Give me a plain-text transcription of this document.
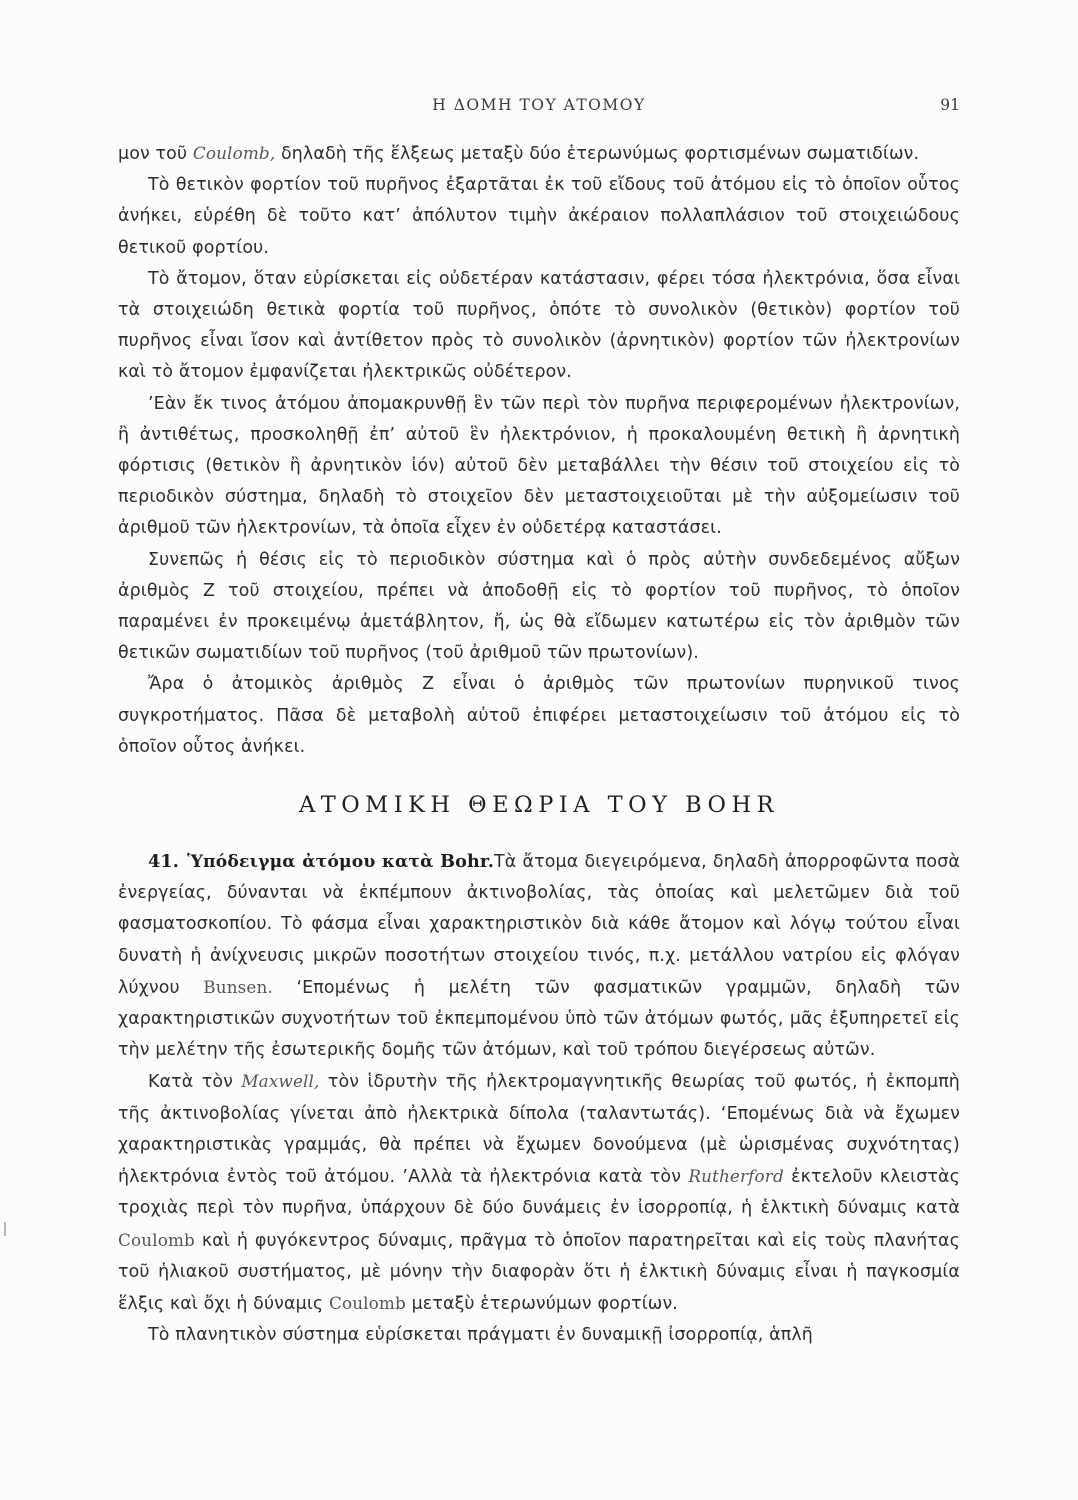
Η ΔΟΜΗ ΤΟΥ ΑΤΟΜΟΥ	91

μον τοῦ Coulomb, δηλαδὴ τῆς ἕλξεως μεταξὺ δύο ἑτερωνύμως φορτισμένων σωματιδίων.

Τὸ θετικὸν φορτίον τοῦ πυρῆνος ἐξαρτᾶται ἐκ τοῦ εἴδους τοῦ ἀτόμου εἰς τὸ ὁποῖον οὗτος ἀνήκει, εὑρέθη δὲ τοῦτο κατ’ ἀπόλυτον τιμὴν ἀκέραιον πολλαπλάσιον τοῦ στοιχειώδους θετικοῦ φορτίου.

Τὸ ἄτομον, ὅταν εὑρίσκεται εἰς οὐδετέραν κατάστασιν, φέρει τόσα ἠλεκτρόνια, ὅσα εἶναι τὰ στοιχειώδη θετικὰ φορτία τοῦ πυρῆνος, ὁπότε τὸ συνολικὸν (θετικὸν) φορτίον τοῦ πυρῆνος εἶναι ἴσον καὶ ἀντίθετον πρὸς τὸ συνολικὸν (ἀρνητικὸν) φορτίον τῶν ἠλεκτρονίων καὶ τὸ ἄτομον ἐμφανίζεται ἠλεκτρικῶς οὐδέτερον.

’Εὰν ἔκ τινος ἀτόμου ἀπομακρυνθῇ ἓν τῶν περὶ τὸν πυρῆνα περιφερομένων ἠλεκτρονίων, ἢ ἀντιθέτως, προσκοληθῇ ἐπ’ αὐτοῦ ἓν ἠλεκτρόνιον, ἡ προκαλουμένη θετικὴ ἢ ἀρνητικὴ φόρτισις (θετικὸν ἢ ἀρνητικὸν ἰόν) αὐτοῦ δὲν μεταβάλλει τὴν θέσιν τοῦ στοιχείου εἰς τὸ περιοδικὸν σύστημα, δηλαδὴ τὸ στοιχεῖον δὲν μεταστοιχειοῦται μὲ τὴν αὐξομείωσιν τοῦ ἀριθμοῦ τῶν ἠλεκτρονίων, τὰ ὁποῖα εἶχεν ἐν οὐδετέρᾳ καταστάσει.

Συνεπῶς ἡ θέσις εἰς τὸ περιοδικὸν σύστημα καὶ ὁ πρὸς αὐτὴν συνδεδεμένος αὔξων ἀριθμὸς Ζ τοῦ στοιχείου, πρέπει νὰ ἀποδοθῇ εἰς τὸ φορτίον τοῦ πυρῆνος, τὸ ὁποῖον παραμένει ἐν προκειμένῳ ἀμετάβλητον, ἤ, ὡς θὰ εἴδωμεν κατωτέρω εἰς τὸν ἀριθμὸν τῶν θετικῶν σωματιδίων τοῦ πυρῆνος (τοῦ ἀριθμοῦ τῶν πρωτονίων).

Ἄρα ὁ ἀτομικὸς ἀριθμὸς Ζ εἶναι ὁ ἀριθμὸς τῶν πρωτονίων πυρηνικοῦ τινος συγκροτήματος. Πᾶσα δὲ μεταβολὴ αὐτοῦ ἐπιφέρει μεταστοιχείωσιν τοῦ ἀτόμου εἰς τὸ ὁποῖον οὗτος ἀνήκει.

ΑΤΟΜΙΚΗ ΘΕΩΡΙΑ ΤΟΥ BOHR

41. Ὑπόδειγμα ἀτόμου κατὰ Bohr.Τὰ ἄτομα διεγειρόμενα, δηλαδὴ ἀπορροφῶντα ποσὰ ἐνεργείας, δύνανται νὰ ἐκπέμπουν ἀκτινοβολίας, τὰς ὁποίας καὶ μελετῶμεν διὰ τοῦ φασματοσκοπίου. Τὸ φάσμα εἶναι χαρακτηριστικὸν διὰ κάθε ἄτομον καὶ λόγῳ τούτου εἶναι δυνατὴ ἡ ἀνίχνευσις μικρῶν ποσοτήτων στοιχείου τινός, π.χ. μετάλλου νατρίου εἰς φλόγαν λύχνου Bunsen. ‘Επομένως ἡ μελέτη τῶν φασματικῶν γραμμῶν, δηλαδὴ τῶν χαρακτηριστικῶν συχνοτήτων τοῦ ἐκπεμπομένου ὑπὸ τῶν ἀτόμων φωτός, μᾶς ἐξυπηρετεῖ εἰς τὴν μελέτην τῆς ἐσωτερικῆς δομῆς τῶν ἀτόμων, καὶ τοῦ τρόπου διεγέρσεως αὐτῶν.

Κατὰ τὸν Maxwell, τὸν ἱδρυτὴν τῆς ἠλεκτρομαγνητικῆς θεωρίας τοῦ φωτός, ἡ ἐκπομπὴ τῆς ἀκτινοβολίας γίνεται ἀπὸ ἠλεκτρικὰ δίπολα (ταλαντωτάς). ‘Επομένως διὰ νὰ ἔχωμεν χαρακτηριστικὰς γραμμάς, θὰ πρέπει νὰ ἔχωμεν δονούμενα (μὲ ὡρισμένας συχνότητας) ἠλεκτρόνια ἐντὸς τοῦ ἀτόμου. ’Αλλὰ τὰ ἠλεκτρόνια κατὰ τὸν Rutherford ἐκτελοῦν κλειστὰς τροχιὰς περὶ τὸν πυρῆνα, ὑπάρχουν δὲ δύο δυνάμεις ἐν ἰσορροπίᾳ, ἡ ἑλκτικὴ δύναμις κατὰ Coulomb καὶ ἡ φυγόκεντρος δύναμις, πρᾶγμα τὸ ὁποῖον παρατηρεῖται καὶ εἰς τοὺς πλανήτας τοῦ ἡλιακοῦ συστήματος, μὲ μόνην τὴν διαφορὰν ὅτι ἡ ἑλκτικὴ δύναμις εἶναι ἡ παγκοσμία ἕλξις καὶ ὄχι ἡ δύναμις Coulomb μεταξὺ ἑτερωνύμων φορτίων.

Τὸ πλανητικὸν σύστημα εὑρίσκεται πράγματι ἐν δυναμικῇ ἰσορροπίᾳ, ἁπλῆ
